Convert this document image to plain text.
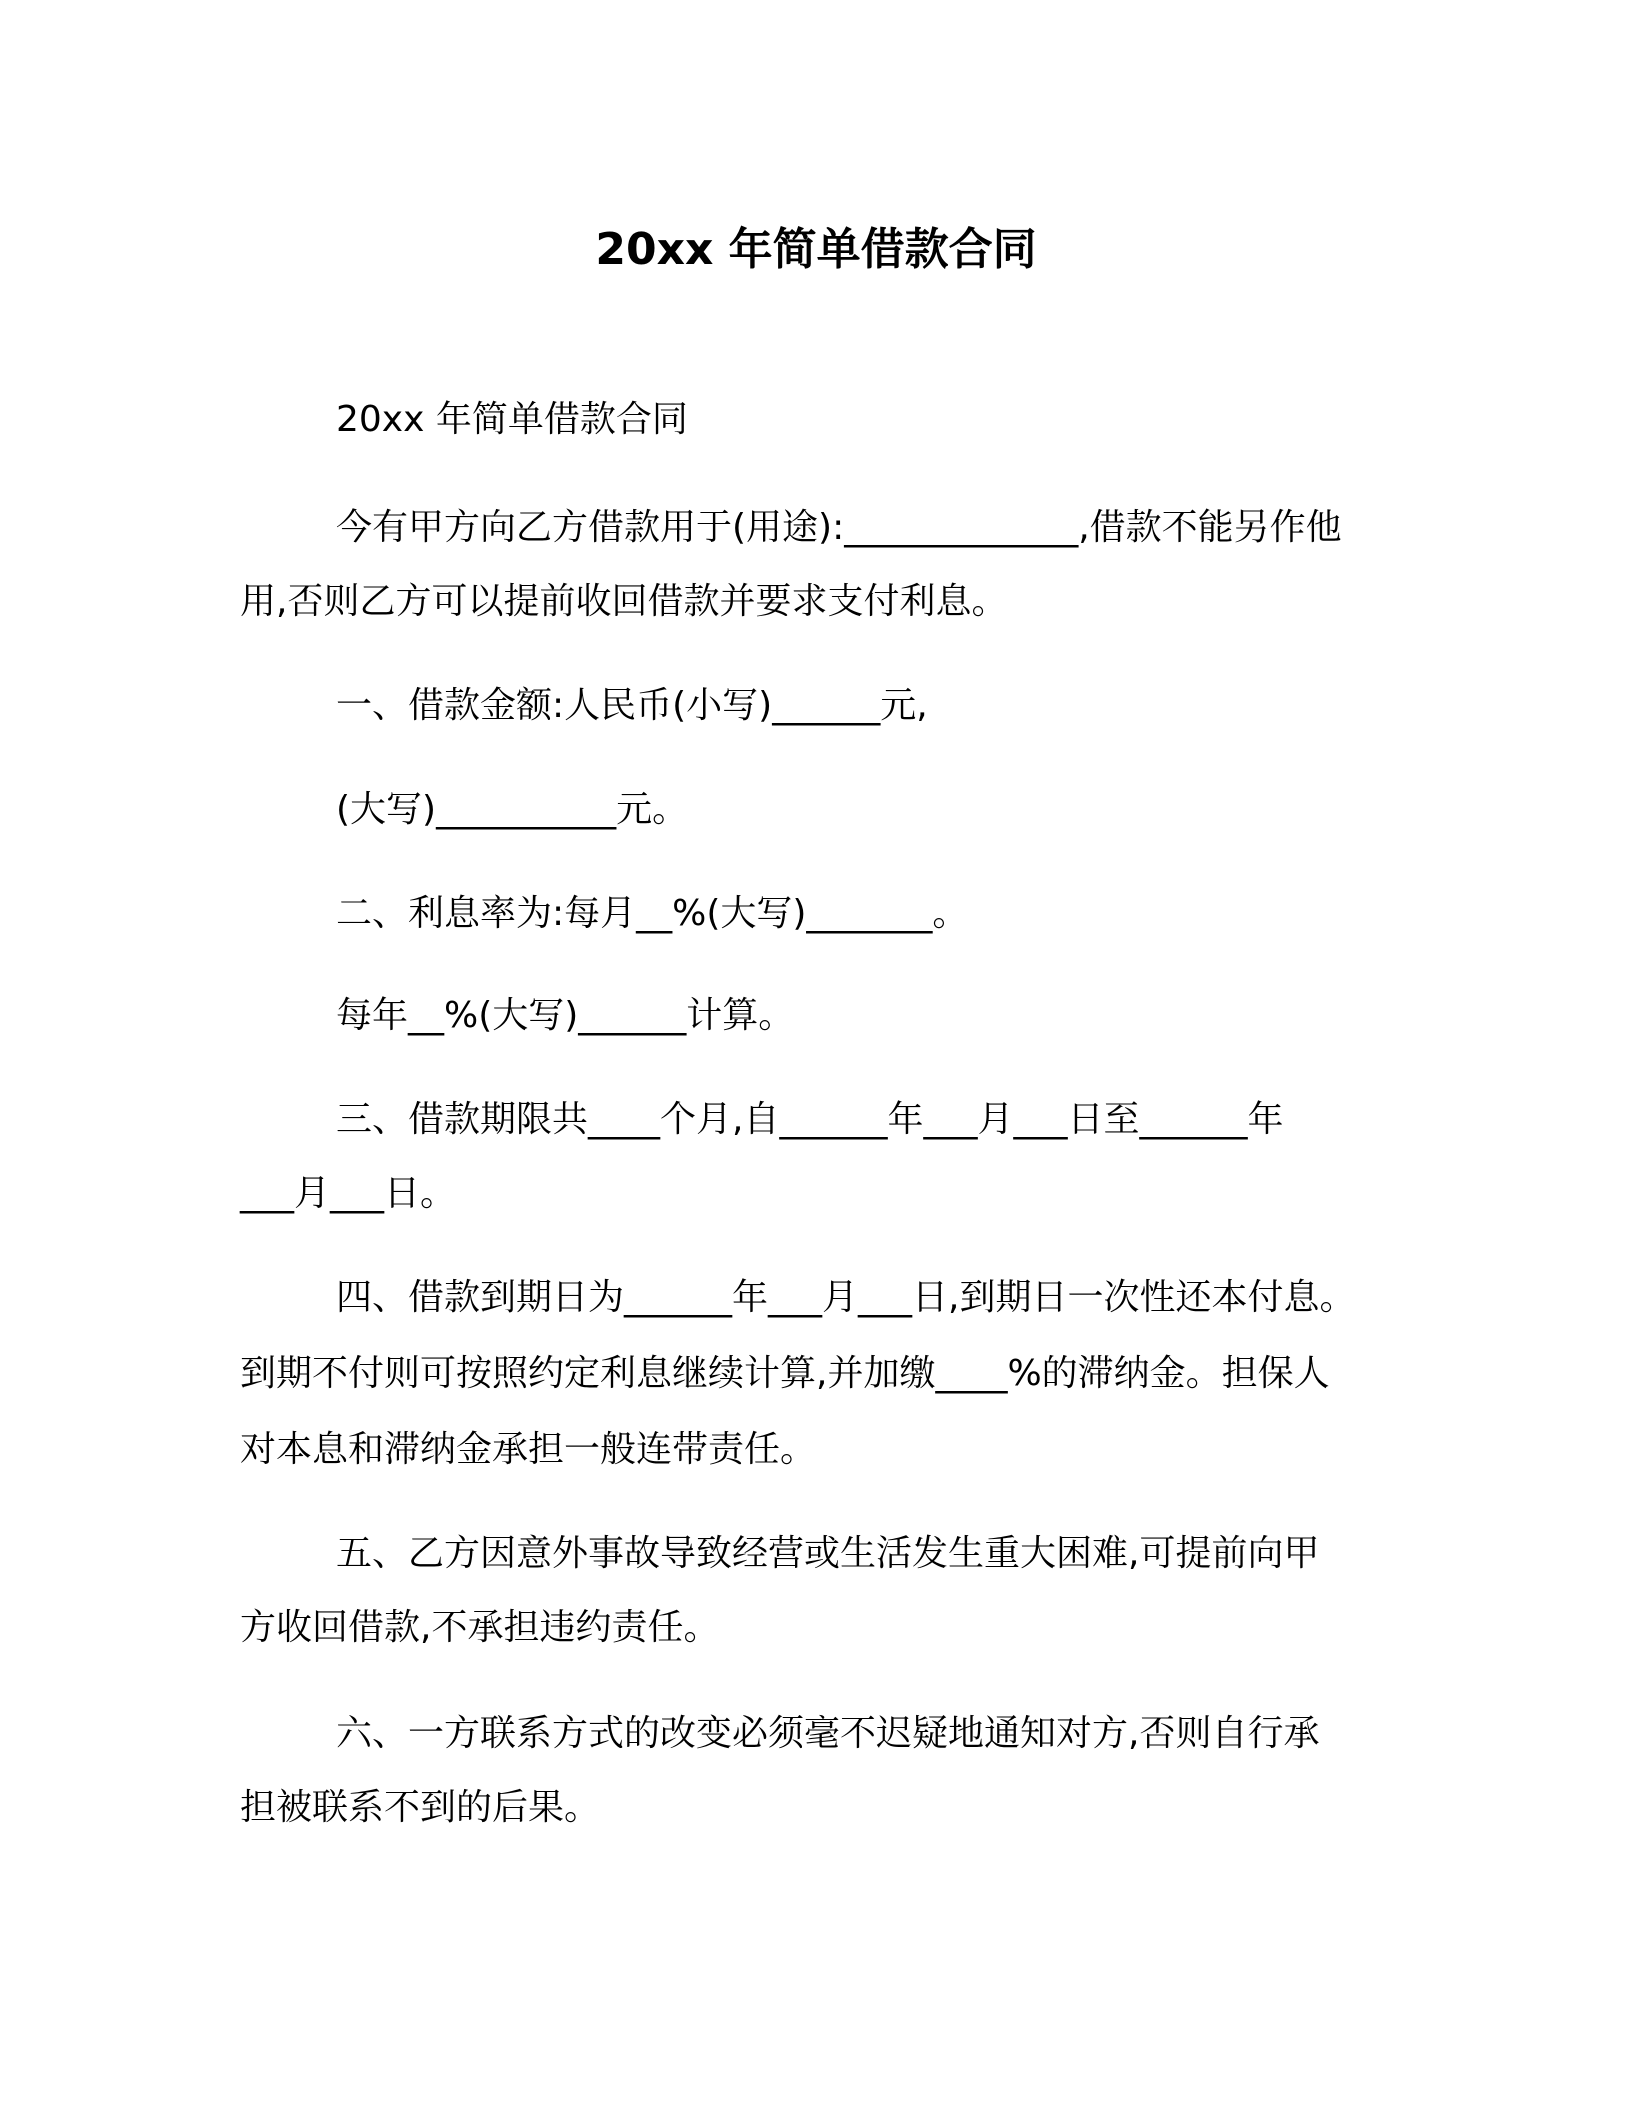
20xx 年简单借款合同
20xx 年简单借款合同
今有甲方向乙方借款用于(用途):_____________,借款不能另作他
用,否则乙方可以提前收回借款并要求支付利息。
一、借款金额:人民币(小写)______元,
(大写)__________元。
二、利息率为:每月__%(大写)_______。
每年__%(大写)______计算。
三、借款期限共____个月,自______年___月___日至______年
___月___日。
四、借款到期日为______年___月___日,到期日一次性还本付息。
到期不付则可按照约定利息继续计算,并加缴____%的滞纳金。担保人
对本息和滞纳金承担一般连带责任。
五、乙方因意外事故导致经营或生活发生重大困难,可提前向甲
方收回借款,不承担违约责任。
六、一方联系方式的改变必须毫不迟疑地通知对方,否则自行承
担被联系不到的后果。
